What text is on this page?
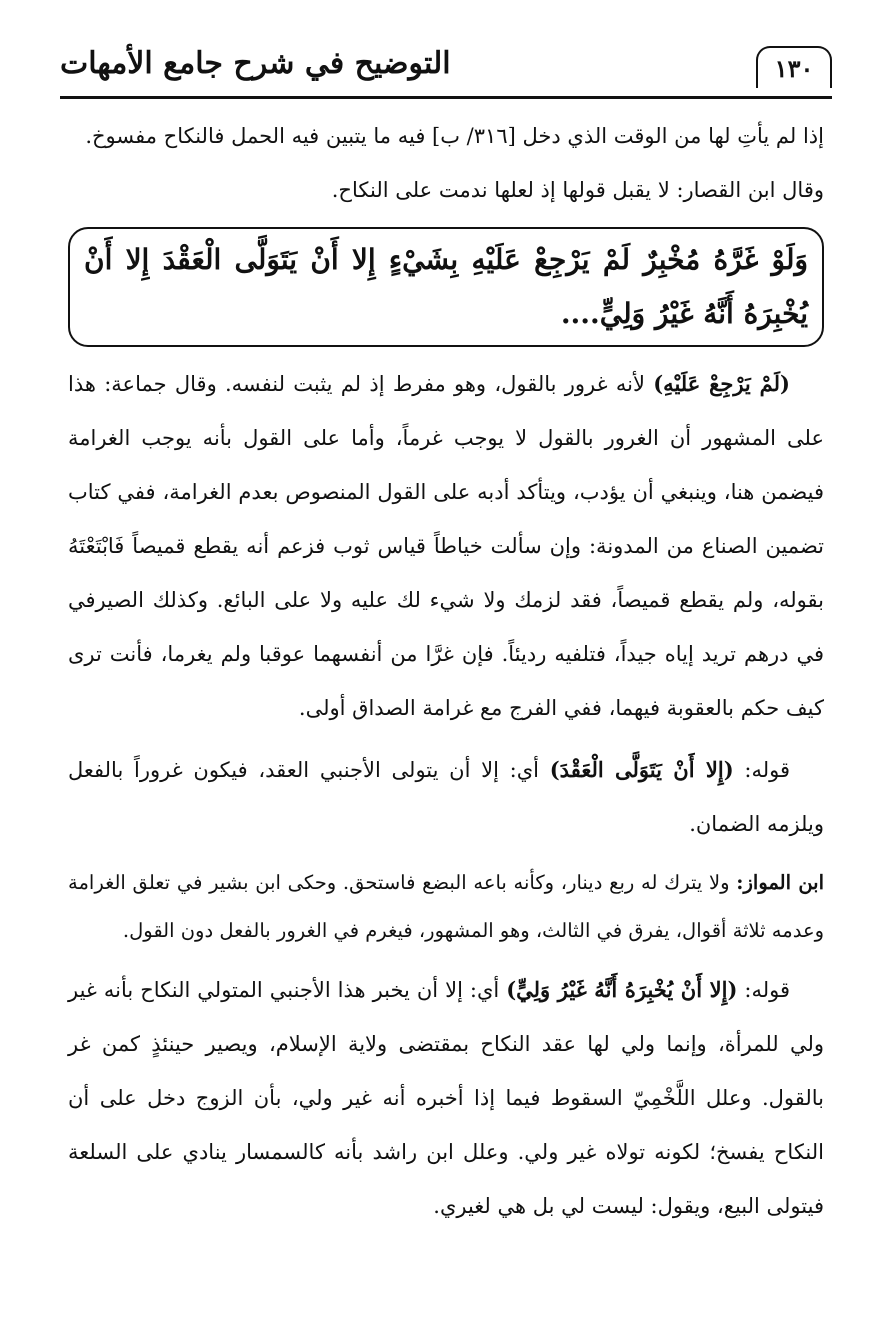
١٣٠
التوضيح في شرح جامع الأمهات

إذا لم يأتِ لها من الوقت الذي دخل [٣١٦/ ب] فيه ما يتبين فيه الحمل فالنكاح مفسوخ.

وقال ابن القصار: لا يقبل قولها إذ لعلها ندمت على النكاح.

وَلَوْ غَرَّهُ مُخْبِرٌ لَمْ يَرْجِعْ عَلَيْهِ بِشَيْءٍ إِلا أَنْ يَتَوَلَّى الْعَقْدَ إِلا أَنْ يُخْبِرَهُ أَنَّهُ غَيْرُ وَلِيٍّ....

(لَمْ يَرْجِعْ عَلَيْهِ) لأنه غرور بالقول، وهو مفرط إذ لم يثبت لنفسه. وقال جماعة: هذا على المشهور أن الغرور بالقول لا يوجب غرماً، وأما على القول بأنه يوجب الغرامة فيضمن هنا، وينبغي أن يؤدب، ويتأكد أدبه على القول المنصوص بعدم الغرامة، ففي كتاب تضمين الصناع من المدونة: وإن سألت خياطاً قياس ثوب فزعم أنه يقطع قميصاً فَابْتَعْتَهُ بقوله، ولم يقطع قميصاً، فقد لزمك ولا شيء لك عليه ولا على البائع. وكذلك الصيرفي في درهم تريد إياه جيداً، فتلفيه رديئاً. فإن غرَّا من أنفسهما عوقبا ولم يغرما، فأنت ترى كيف حكم بالعقوبة فيهما، ففي الفرج مع غرامة الصداق أولى.

قوله: (إِلا أَنْ يَتَوَلَّى الْعَقْدَ) أي: إلا أن يتولى الأجنبي العقد، فيكون غروراً بالفعل ويلزمه الضمان.

ابن المواز: ولا يترك له ربع دينار، وكأنه باعه البضع فاستحق. وحكى ابن بشير في تعلق الغرامة وعدمه ثلاثة أقوال، يفرق في الثالث، وهو المشهور، فيغرم في الغرور بالفعل دون القول.

قوله: (إِلا أَنْ يُخْبِرَهُ أَنَّهُ غَيْرُ وَلِيٍّ) أي: إلا أن يخبر هذا الأجنبي المتولي النكاح بأنه غير ولي للمرأة، وإنما ولي لها عقد النكاح بمقتضى ولاية الإسلام، ويصير حينئذٍ كمن غر بالقول. وعلل اللَّخْمِيّ السقوط فيما إذا أخبره أنه غير ولي، بأن الزوج دخل على أن النكاح يفسخ؛ لكونه تولاه غير ولي. وعلل ابن راشد بأنه كالسمسار ينادي على السلعة فيتولى البيع، ويقول: ليست لي بل هي لغيري.
